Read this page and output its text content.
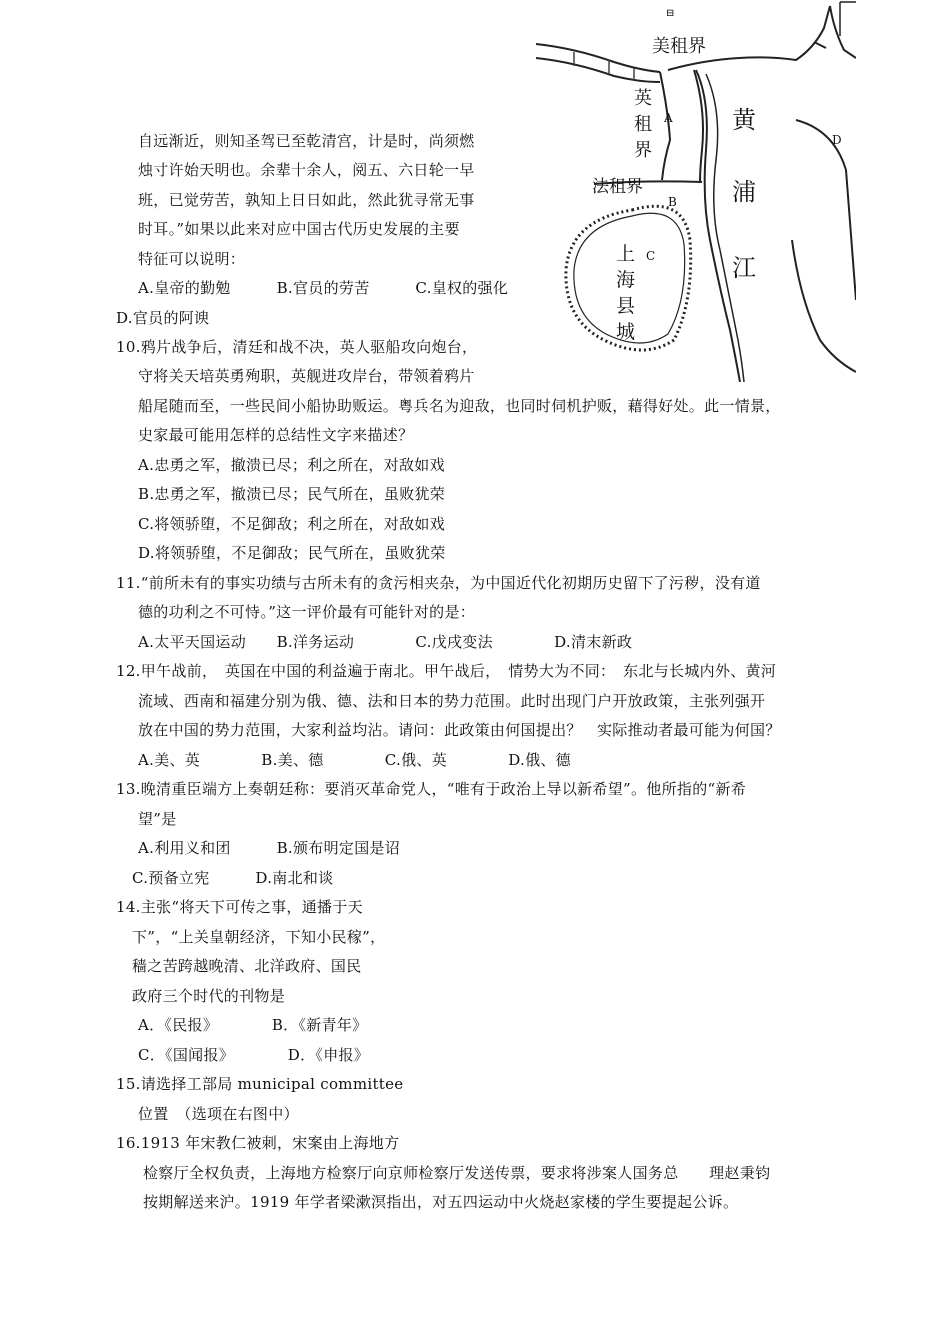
美租界
⊟
英
租
界
A
法租界
B
上
海
县
城
C
黄
浦
江
D
自远渐近，则知圣驾已至乾清宫，计是时，尚须燃
烛寸许始天明也。余辈十余人，阅五、六日轮一早
班，已觉劳苦，孰知上日日如此，然此犹寻常无事
时耳。”如果以此来对应中国古代历史发展的主要
特征可以说明：
A.皇帝的勤勉　　　B.官员的劳苦　　　C.皇权的强化
D.官员的阿谀
10.鸦片战争后，清廷和战不决，英人驱船攻向炮台，
守将关天培英勇殉职，英舰进攻岸台，带领着鸦片
船尾随而至，一些民间小船协助贩运。粤兵名为迎敌，也同时伺机护贩，藉得好处。此一情景，
史家最可能用怎样的总结性文字来描述？
A.忠勇之军，撤溃已尽；利之所在，对敌如戏
B.忠勇之军，撤溃已尽；民气所在，虽败犹荣
C.将领骄堕，不足御敌；利之所在，对敌如戏
D.将领骄堕，不足御敌；民气所在，虽败犹荣
11.“前所未有的事实功绩与古所未有的贪污相夹杂，为中国近代化初期历史留下了污秽，没有道
德的功利之不可恃。”这一评价最有可能针对的是：
A.太平天国运动　　B.洋务运动　　　　C.戊戌变法　　　　D.清末新政
12.甲午战前，　英国在中国的利益遍于南北。甲午战后，　情势大为不同：　东北与长城内外、黄河
流域、西南和福建分别为俄、德、法和日本的势力范围。此时出现门户开放政策，主张列强开
放在中国的势力范围，大家利益均沾。请问：此政策由何国提出？　实际推动者最可能为何国？
A.美、英　　　　B.美、德　　　　C.俄、英　　　　D.俄、德
13.晚清重臣端方上奏朝廷称：要消灭革命党人，“唯有于政治上导以新希望”。他所指的“新希
望”是
A.利用义和团　　　B.颁布明定国是诏
C.预备立宪　　　D.南北和谈
14.主张“将天下可传之事，通播于天
下”，“上关皇朝经济，下知小民稼”，
穑之苦跨越晚清、北洋政府、国民
政府三个时代的刊物是
A．《民报》　　　　B．《新青年》
C．《国闻报》　　　　D．《申报》
15.请选择工部局 municipal committee
位置　（选项在右图中）
16.1913 年宋教仁被刺，宋案由上海地方
检察厅全权负责，上海地方检察厅向京师检察厅发送传票，要求将涉案人国务总　　理赵秉钧
按期解送来沪。1919 年学者梁漱溟指出，对五四运动中火烧赵家楼的学生要提起公诉。
